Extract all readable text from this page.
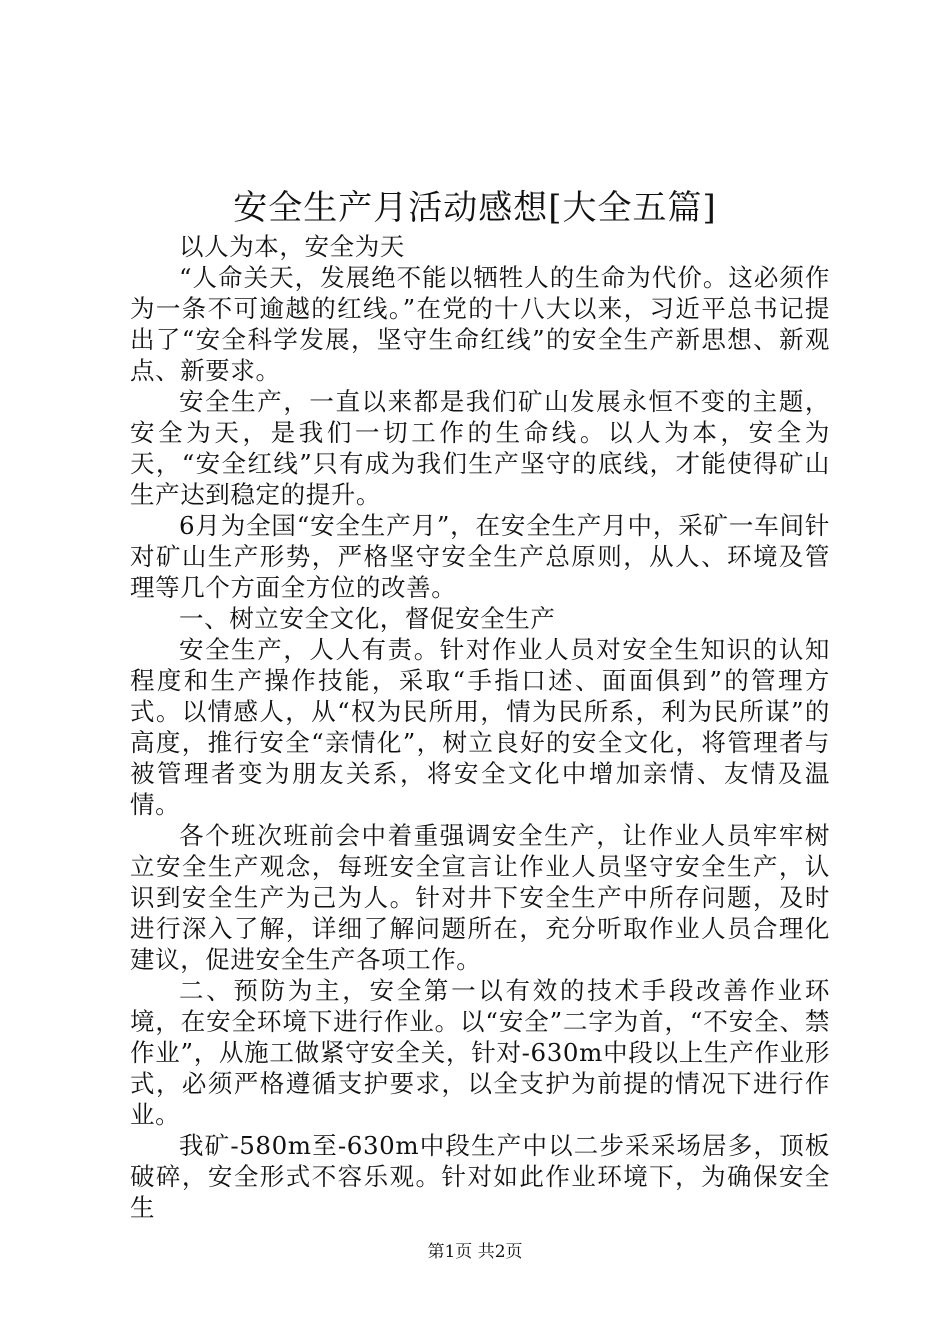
安全生产月活动感想[大全五篇]

以人为本，安全为天

“人命关天，发展绝不能以牺牲人的生命为代价。这必须作为一条不可逾越的红线。”在党的十八大以来，习近平总书记提出了“安全科学发展，坚守生命红线”的安全生产新思想、新观点、新要求。

安全生产，一直以来都是我们矿山发展永恒不变的主题，安全为天，是我们一切工作的生命线。以人为本，安全为天，“安全红线”只有成为我们生产坚守的底线，才能使得矿山生产达到稳定的提升。

6月为全国“安全生产月”，在安全生产月中，采矿一车间针对矿山生产形势，严格坚守安全生产总原则，从人、环境及管理等几个方面全方位的改善。

一、树立安全文化，督促安全生产

安全生产，人人有责。针对作业人员对安全生知识的认知程度和生产操作技能，采取“手指口述、面面俱到”的管理方式。以情感人，从“权为民所用，情为民所系，利为民所谋”的高度，推行安全“亲情化”，树立良好的安全文化，将管理者与被管理者变为朋友关系，将安全文化中增加亲情、友情及温情。

各个班次班前会中着重强调安全生产，让作业人员牢牢树立安全生产观念，每班安全宣言让作业人员坚守安全生产，认识到安全生产为己为人。针对井下安全生产中所存问题，及时进行深入了解，详细了解问题所在，充分听取作业人员合理化建议，促进安全生产各项工作。

二、预防为主，安全第一以有效的技术手段改善作业环境，在安全环境下进行作业。以“安全”二字为首，“不安全、禁作业”，从施工做紧守安全关，针对-630m中段以上生产作业形式，必须严格遵循支护要求，以全支护为前提的情况下进行作业。

我矿-580m至-630m中段生产中以二步采采场居多，顶板破碎，安全形式不容乐观。针对如此作业环境下，为确保安全生

第1页 共2页
